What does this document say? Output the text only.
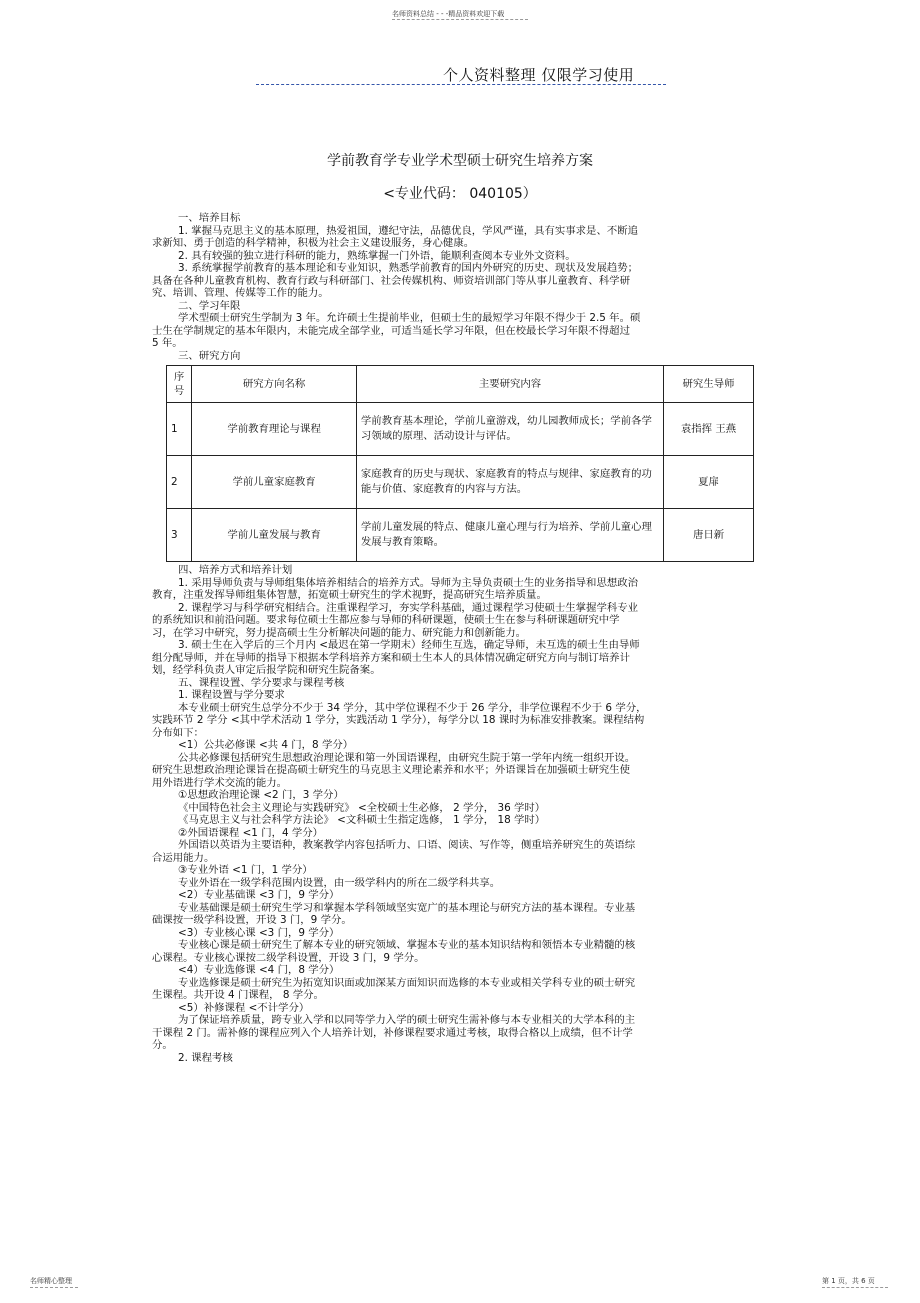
名师资料总结 - - -精品资料欢迎下载
个人资料整理 仅限学习使用
学前教育学专业学术型硕士研究生培养方案
<专业代码： 040105）

一、培养目标

1. 掌握马克思主义的基本原理，热爱祖国，遵纪守法，品德优良，学风严谨，具有实事求是、不断追

求新知、勇于创造的科学精神，积极为社会主义建设服务，身心健康。

2. 具有较强的独立进行科研的能力，熟练掌握一门外语，能顺利查阅本专业外文资料。

3. 系统掌握学前教育的基本理论和专业知识，熟悉学前教育的国内外研究的历史、现状及发展趋势；

具备在各种儿童教育机构、教育行政与科研部门、社会传媒机构、师资培训部门等从事儿童教育、科学研

究、培训、管理、传媒等工作的能力。

二、学习年限

学术型硕士研究生学制为 3 年。允许硕士生提前毕业，但硕士生的最短学习年限不得少于 2.5 年。硕

士生在学制规定的基本年限内，未能完成全部学业，可适当延长学习年限，但在校最长学习年限不得超过

5 年。

三、研究方向

序号	研究方向名称	主要研究内容	研究生导师
1	学前教育理论与课程	学前教育基本理论，学前儿童游戏，幼儿园教师成长；学前各学习领域的原理、活动设计与评估。	袁指挥 王燕
2	学前儿童家庭教育	家庭教育的历史与现状、家庭教育的特点与规律、家庭教育的功能与价值、家庭教育的内容与方法。	夏扉
3	学前儿童发展与教育	学前儿童发展的特点、健康儿童心理与行为培养、学前儿童心理发展与教育策略。	唐日新

四、培养方式和培养计划

1. 采用导师负责与导师组集体培养相结合的培养方式。导师为主导负责硕士生的业务指导和思想政治

教育，注重发挥导师组集体智慧，拓宽硕士研究生的学术视野，提高研究生培养质量。

2. 课程学习与科学研究相结合。注重课程学习，夯实学科基础，通过课程学习使硕士生掌握学科专业

的系统知识和前沿问题。要求每位硕士生都应参与导师的科研课题，使硕士生在参与科研课题研究中学

习，在学习中研究，努力提高硕士生分析解决问题的能力、研究能力和创新能力。

3. 硕士生在入学后的三个月内 <最迟在第一学期末）经师生互选，确定导师，未互选的硕士生由导师

组分配导师，并在导师的指导下根据本学科培养方案和硕士生本人的具体情况确定研究方向与制订培养计

划，经学科负责人审定后报学院和研究生院备案。

五、课程设置、学分要求与课程考核

1. 课程设置与学分要求

本专业硕士研究生总学分不少于 34 学分，其中学位课程不少于 26 学分，非学位课程不少于 6 学分，

实践环节 2 学分 <其中学术活动 1 学分，实践活动 1 学分），每学分以 18 课时为标准安排教案。课程结构

分布如下：

<1）公共必修课 <共 4 门，8 学分）

公共必修课包括研究生思想政治理论课和第一外国语课程，由研究生院于第一学年内统一组织开设。

研究生思想政治理论课旨在提高硕士研究生的马克思主义理论素养和水平；外语课旨在加强硕士研究生使

用外语进行学术交流的能力。

①思想政治理论课 <2 门，3 学分）

《中国特色社会主义理论与实践研究》 <全校硕士生必修， 2 学分， 36 学时）

《马克思主义与社会科学方法论》 <文科硕士生指定选修， 1 学分， 18 学时）

②外国语课程 <1 门，4 学分）

外国语以英语为主要语种，教案教学内容包括听力、口语、阅读、写作等，侧重培养研究生的英语综

合运用能力。

③专业外语 <1 门，1 学分）

专业外语在一级学科范围内设置，由一级学科内的所在二级学科共享。

<2）专业基础课 <3 门，9 学分）

专业基础课是硕士研究生学习和掌握本学科领域坚实宽广的基本理论与研究方法的基本课程。专业基

础课按一级学科设置，开设 3 门，9 学分。

<3）专业核心课 <3 门，9 学分）

专业核心课是硕士研究生了解本专业的研究领域、掌握本专业的基本知识结构和领悟本专业精髓的核

心课程。专业核心课按二级学科设置，开设 3 门，9 学分。

<4）专业选修课 <4 门，8 学分）

专业选修课是硕士研究生为拓宽知识面或加深某方面知识而选修的本专业或相关学科专业的硕士研究

生课程。共开设 4 门课程， 8 学分。

<5）补修课程 <不计学分）

为了保证培养质量，跨专业入学和以同等学力入学的硕士研究生需补修与本专业相关的大学本科的主

干课程 2 门。需补修的课程应列入个人培养计划，补修课程要求通过考核，取得合格以上成绩，但不计学

分。

2. 课程考核

名师精心整理	第 1 页，共 6 页
